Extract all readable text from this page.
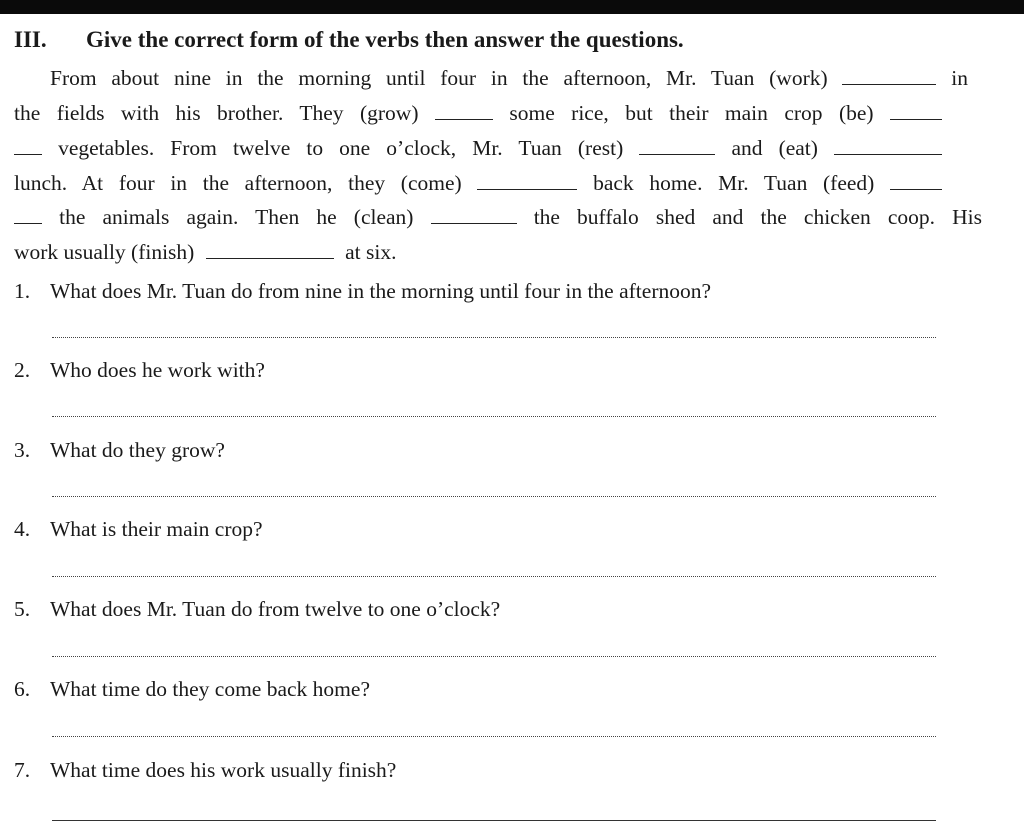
III. Give the correct form of the verbs then answer the questions.
From about nine in the morning until four in the afternoon, Mr. Tuan (work)	in
the fields with his brother. They (grow)	some rice, but their main crop (be)
vegetables. From twelve to one o’clock, Mr. Tuan (rest)	and (eat)
lunch. At four in the afternoon, they (come)	back home. Mr. Tuan (feed)
the animals again. Then he (clean)	the buffalo shed and the chicken coop. His
work usually (finish)	at six.
1. What does Mr. Tuan do from nine in the morning until four in the afternoon?
2. Who does he work with?
3. What do they grow?
4. What is their main crop?
5. What does Mr. Tuan do from twelve to one o’clock?
6. What time do they come back home?
7. What time does his work usually finish?
